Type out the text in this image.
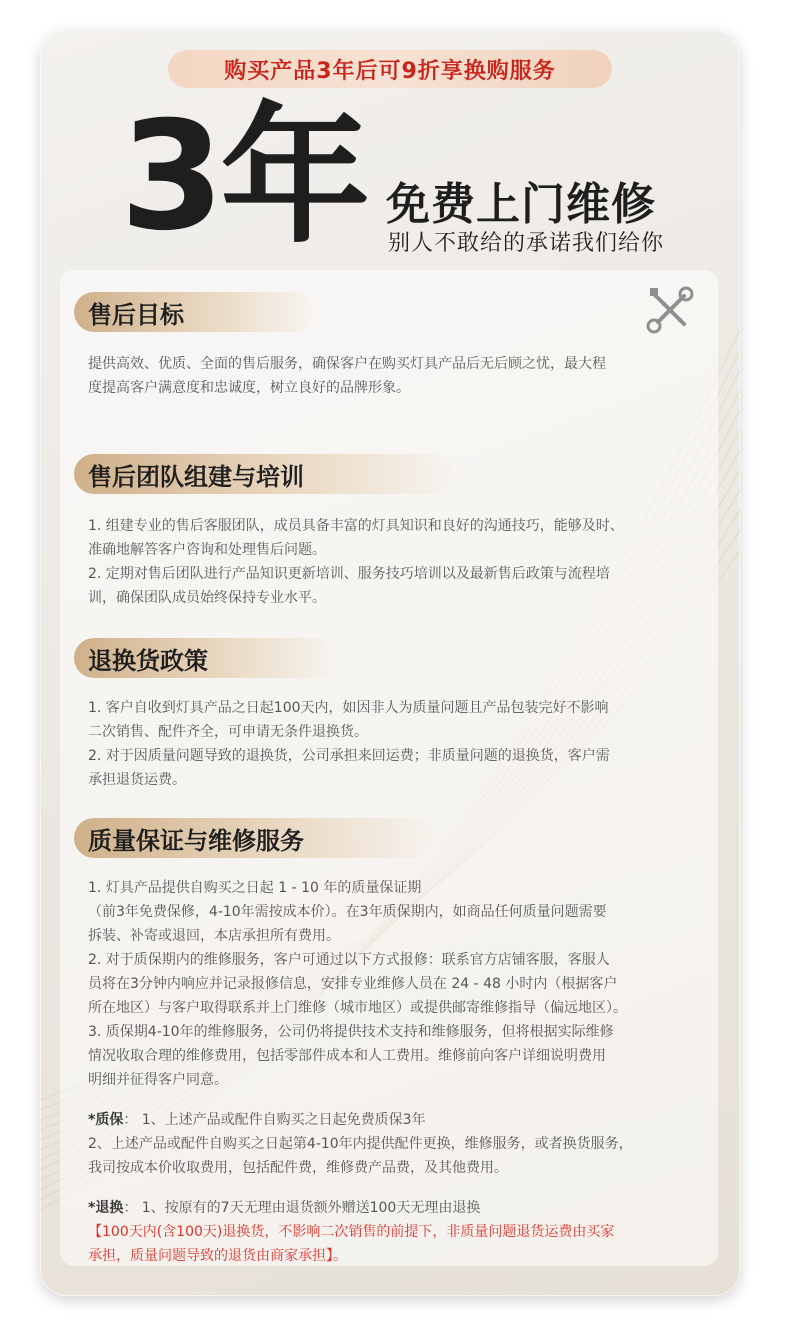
购买产品3年后可9折享换购服务
3年 免费上门维修
别人不敢给的承诺我们给你
售后目标

提供高效、优质、全面的售后服务，确保客户在购买灯具产品后无后顾之忧，最大程

度提高客户满意度和忠诚度，树立良好的品牌形象。

售后团队组建与培训

1. 组建专业的售后客服团队，成员具备丰富的灯具知识和良好的沟通技巧，能够及时、

准确地解答客户咨询和处理售后问题。

2. 定期对售后团队进行产品知识更新培训、服务技巧培训以及最新售后政策与流程培

训，确保团队成员始终保持专业水平。

退换货政策

1. 客户自收到灯具产品之日起100天内，如因非人为质量问题且产品包装完好不影响

二次销售、配件齐全，可申请无条件退换货。

2. 对于因质量问题导致的退换货，公司承担来回运费；非质量问题的退换货，客户需

承担退货运费。

质量保证与维修服务

1. 灯具产品提供自购买之日起 1 - 10 年的质量保证期

（前3年免费保修，4-10年需按成本价）。在3年质保期内，如商品任何质量问题需要

拆装、补寄或退回，本店承担所有费用。

2. 对于质保期内的维修服务，客户可通过以下方式报修：联系官方店铺客服，客服人

员将在3分钟内响应并记录报修信息，安排专业维修人员在 24 - 48 小时内（根据客户

所在地区）与客户取得联系并上门维修（城市地区）或提供邮寄维修指导（偏远地区）。

3. 质保期4-10年的维修服务，公司仍将提供技术支持和维修服务，但将根据实际维修

情况收取合理的维修费用，包括零部件成本和人工费用。维修前向客户详细说明费用

明细并征得客户同意。

*质保： 1、上述产品或配件自购买之日起免费质保3年

2、上述产品或配件自购买之日起第4-10年内提供配件更换，维修服务，或者换货服务，

我司按成本价收取费用，包括配件费，维修费产品费，及其他费用。

*退换： 1、按原有的7天无理由退货额外赠送100天无理由退换

【100天内(含100天)退换货，不影响二次销售的前提下，非质量问题退货运费由买家

承担，质量问题导致的退货由商家承担】。
